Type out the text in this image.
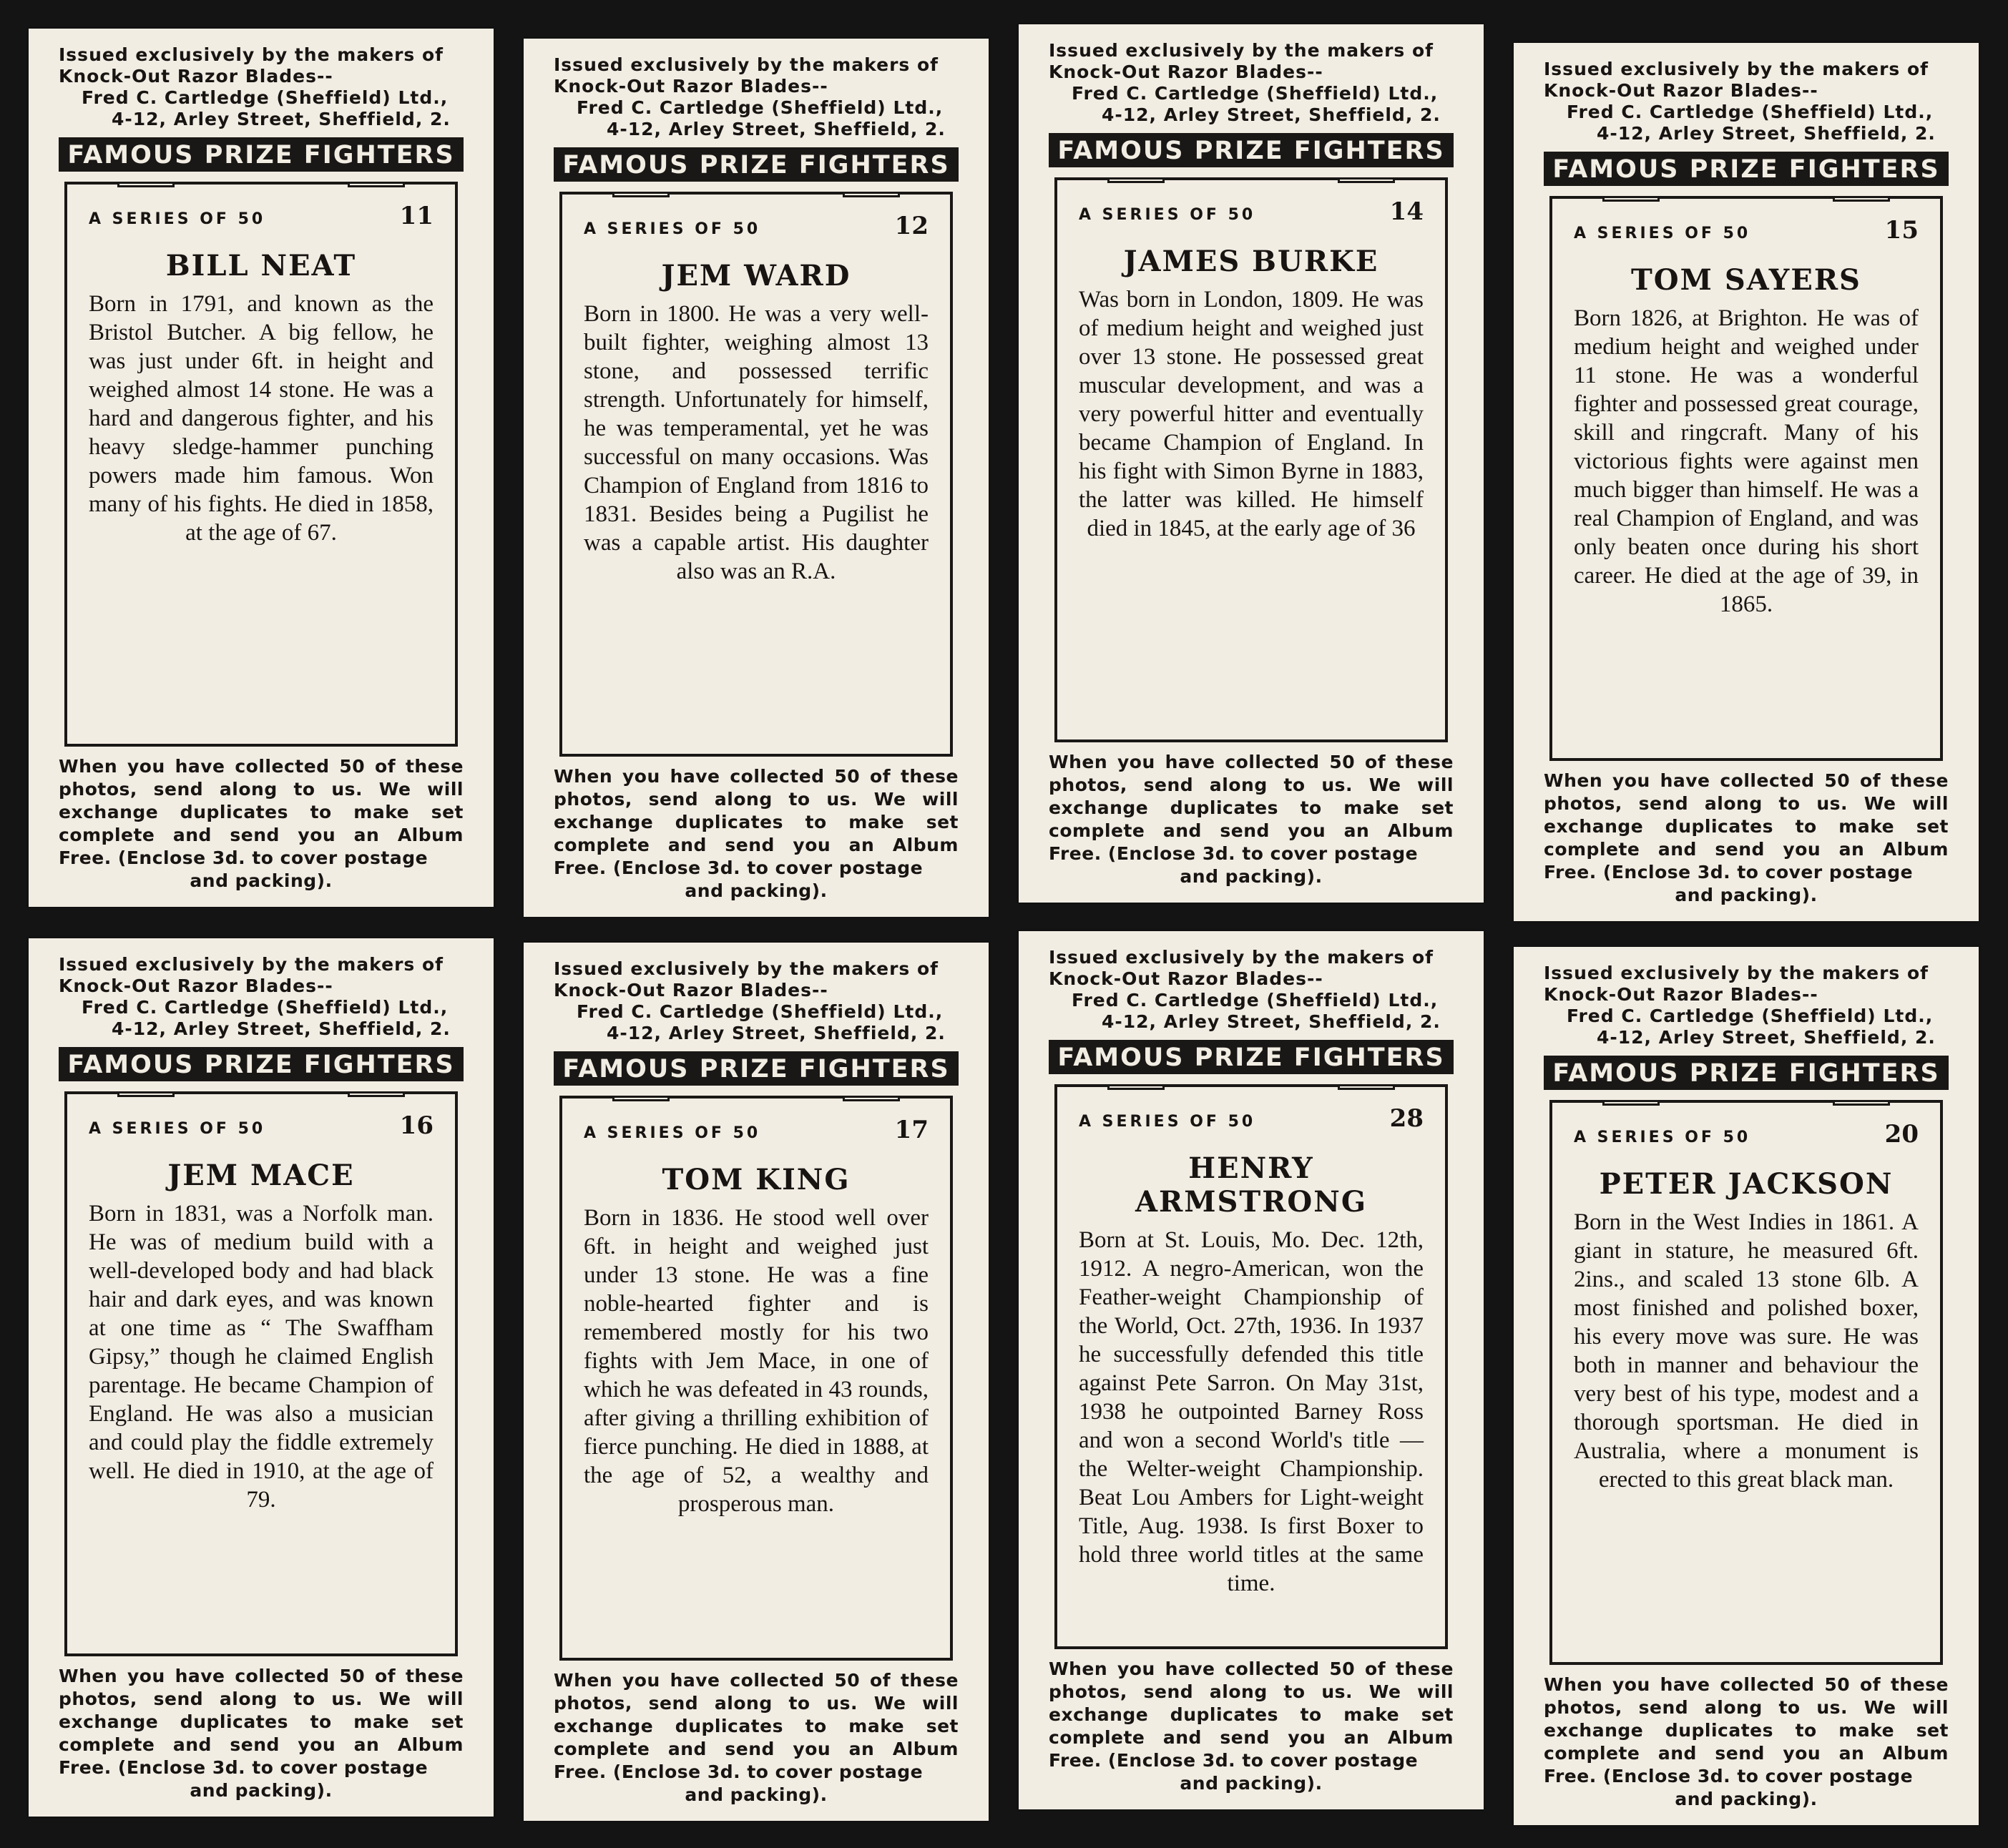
Issued exclusively by the makers of
Knock-Out Razor Blades--
Fred C. Cartledge (Sheffield) Ltd.,
4-12, Arley Street, Sheffield, 2.
FAMOUS PRIZE FIGHTERS
A SERIES OF 50	11
BILL NEAT

Born in 1791, and known as the Bristol Butcher. A big fellow, he was just under 6ft. in height and weighed almost 14 stone. He was a hard and dangerous fighter, and his heavy sledge-hammer punching powers made him famous. Won many of his fights. He died in 1858, at the age of 67.

When you have collected 50 of these photos, send along to us. We will exchange duplicates to make set complete and send you an Album Free. (Enclose 3d. to cover postage
and packing).
Issued exclusively by the makers of
Knock-Out Razor Blades--
Fred C. Cartledge (Sheffield) Ltd.,
4-12, Arley Street, Sheffield, 2.
FAMOUS PRIZE FIGHTERS
A SERIES OF 50	12
JEM WARD

Born in 1800. He was a very well-built fighter, weighing almost 13 stone, and possessed terrific strength. Unfortunately for himself, he was temperamental, yet he was successful on many occasions. Was Champion of England from 1816 to 1831. Besides being a Pugilist he was a capable artist. His daughter also was an R.A.

When you have collected 50 of these photos, send along to us. We will exchange duplicates to make set complete and send you an Album Free. (Enclose 3d. to cover postage
and packing).
Issued exclusively by the makers of
Knock-Out Razor Blades--
Fred C. Cartledge (Sheffield) Ltd.,
4-12, Arley Street, Sheffield, 2.
FAMOUS PRIZE FIGHTERS
A SERIES OF 50	14
JAMES BURKE

Was born in London, 1809. He was of medium height and weighed just over 13 stone. He possessed great muscular development, and was a very powerful hitter and eventually became Champion of England. In his fight with Simon Byrne in 1883, the latter was killed. He himself died in 1845, at the early age of 36

When you have collected 50 of these photos, send along to us. We will exchange duplicates to make set complete and send you an Album Free. (Enclose 3d. to cover postage
and packing).
Issued exclusively by the makers of
Knock-Out Razor Blades--
Fred C. Cartledge (Sheffield) Ltd.,
4-12, Arley Street, Sheffield, 2.
FAMOUS PRIZE FIGHTERS
A SERIES OF 50	15
TOM SAYERS

Born 1826, at Brighton. He was of medium height and weighed under 11 stone. He was a wonderful fighter and possessed great courage, skill and ringcraft. Many of his victorious fights were against men much bigger than himself. He was a real Champion of England, and was only beaten once during his short career. He died at the age of 39, in 1865.

When you have collected 50 of these photos, send along to us. We will exchange duplicates to make set complete and send you an Album Free. (Enclose 3d. to cover postage
and packing).
Issued exclusively by the makers of
Knock-Out Razor Blades--
Fred C. Cartledge (Sheffield) Ltd.,
4-12, Arley Street, Sheffield, 2.
FAMOUS PRIZE FIGHTERS
A SERIES OF 50	16
JEM MACE

Born in 1831, was a Norfolk man. He was of medium build with a well-developed body and had black hair and dark eyes, and was known at one time as “ The Swaffham Gipsy,” though he claimed English parentage. He became Champion of England. He was also a musician and could play the fiddle extremely well. He died in 1910, at the age of 79.

When you have collected 50 of these photos, send along to us. We will exchange duplicates to make set complete and send you an Album Free. (Enclose 3d. to cover postage
and packing).
Issued exclusively by the makers of
Knock-Out Razor Blades--
Fred C. Cartledge (Sheffield) Ltd.,
4-12, Arley Street, Sheffield, 2.
FAMOUS PRIZE FIGHTERS
A SERIES OF 50	17
TOM KING

Born in 1836. He stood well over 6ft. in height and weighed just under 13 stone. He was a fine noble-hearted fighter and is remembered mostly for his two fights with Jem Mace, in one of which he was defeated in 43 rounds, after giving a thrilling exhibition of fierce punching. He died in 1888, at the age of 52, a wealthy and prosperous man.

When you have collected 50 of these photos, send along to us. We will exchange duplicates to make set complete and send you an Album Free. (Enclose 3d. to cover postage
and packing).
Issued exclusively by the makers of
Knock-Out Razor Blades--
Fred C. Cartledge (Sheffield) Ltd.,
4-12, Arley Street, Sheffield, 2.
FAMOUS PRIZE FIGHTERS
A SERIES OF 50	28
HENRY ARMSTRONG

Born at St. Louis, Mo. Dec. 12th, 1912. A negro-American, won the Feather-weight Championship of the World, Oct. 27th, 1936. In 1937 he successfully defended this title against Pete Sarron. On May 31st, 1938 he outpointed Barney Ross and won a second World's title — the Welter-weight Championship. Beat Lou Ambers for Light-weight Title, Aug. 1938. Is first Boxer to hold three world titles at the same time.

When you have collected 50 of these photos, send along to us. We will exchange duplicates to make set complete and send you an Album Free. (Enclose 3d. to cover postage
and packing).
Issued exclusively by the makers of
Knock-Out Razor Blades--
Fred C. Cartledge (Sheffield) Ltd.,
4-12, Arley Street, Sheffield, 2.
FAMOUS PRIZE FIGHTERS
A SERIES OF 50	20
PETER JACKSON

Born in the West Indies in 1861. A giant in stature, he measured 6ft. 2ins., and scaled 13 stone 6lb. A most finished and polished boxer, his every move was sure. He was both in manner and behaviour the very best of his type, modest and a thorough sportsman. He died in Australia, where a monument is erected to this great black man.

When you have collected 50 of these photos, send along to us. We will exchange duplicates to make set complete and send you an Album Free. (Enclose 3d. to cover postage
and packing).
